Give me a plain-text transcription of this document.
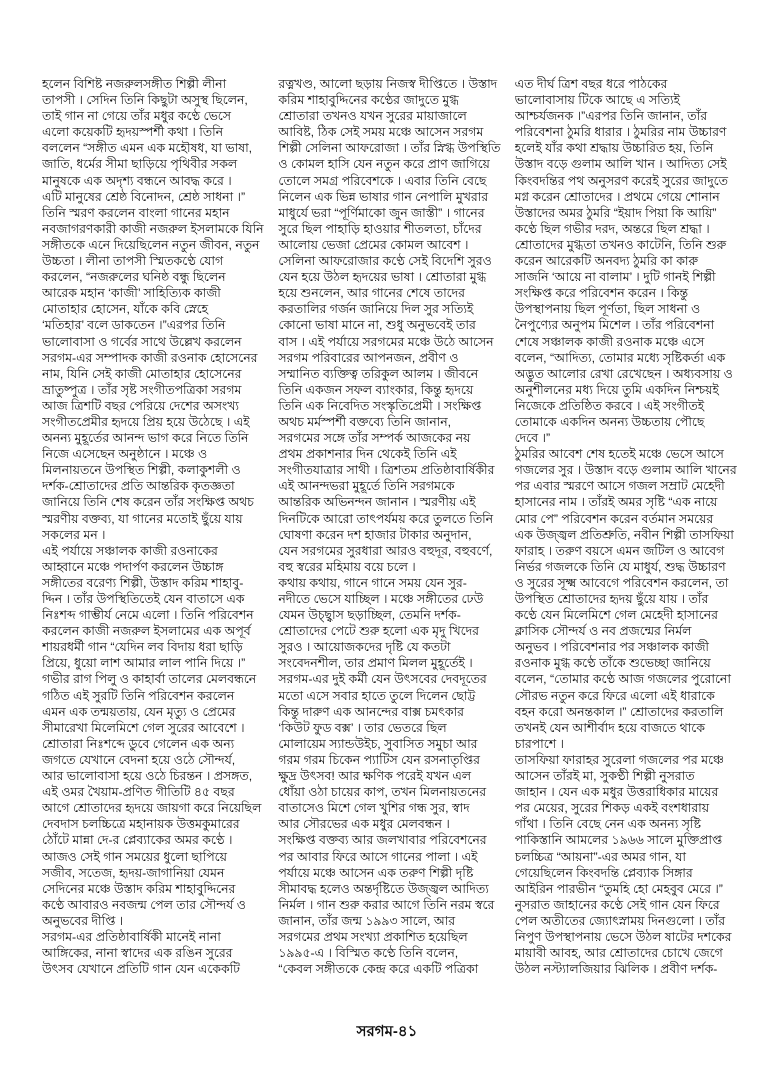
হলেন বিশিষ্ট নজরুলসঙ্গীত শিল্পী লীনা
তাপসী । সেদিন তিনি কিছুটা অসুস্থ ছিলেন,
তাই গান না গেয়ে তাঁর মধুর কণ্ঠে ভেসে
এলো কয়েকটি হৃদয়স্পর্শী কথা । তিনি
বললেন “সঙ্গীত এমন এক মহৌষধ, যা ভাষা,
জাতি, ধর্মের সীমা ছাড়িয়ে পৃথিবীর সকল
মানুষকে এক অদৃশ্য বন্ধনে আবদ্ধ করে ।
এটি মানুষের শ্রেষ্ঠ বিনোদন, শ্রেষ্ঠ সাধনা ।”
তিনি স্মরণ করলেন বাংলা গানের মহান
নবজাগরণকারী কাজী নজরুল ইসলামকে যিনি
সঙ্গীতকে এনে দিয়েছিলেন নতুন জীবন, নতুন
উচ্চতা । লীনা তাপসী স্মিতকণ্ঠে যোগ
করলেন, “নজরুলের ঘনিষ্ঠ বন্ধু ছিলেন
আরেক মহান ‘কাজী’ সাহিত্যিক কাজী
মোতাহার হোসেন, যাঁকে কবি স্নেহে
‘মতিহার’ বলে ডাকতেন ।”এরপর তিনি
ভালোবাসা ও গর্বের সাথে উল্লেখ করলেন
সরগম-এর সম্পাদক কাজী রওনাক হোসেনের
নাম, যিনি সেই কাজী মোতাহার হোসেনের
ভ্রাতুষ্পুত্র । তাঁর সৃষ্ট সংগীতপত্রিকা সরগম
আজ ত্রিশটি বছর পেরিয়ে দেশের অসংখ্য
সংগীতপ্রেমীর হৃদয়ে প্রিয় হয়ে উঠেছে । এই
অনন্য মুহূর্তের আনন্দ ভাগ করে নিতে তিনি
নিজে এসেছেন অনুষ্ঠানে । মঞ্চে ও
মিলনায়তনে উপস্থিত শিল্পী, কলাকুশলী ও
দর্শক-শ্রোতাদের প্রতি আন্তরিক কৃতজ্ঞতা
জানিয়ে তিনি শেষ করেন তাঁর সংক্ষিপ্ত অথচ
স্মরণীয় বক্তব্য, যা গানের মতোই ছুঁয়ে যায়
সকলের মন ।
এই পর্যায়ে সঞ্চালক কাজী রওনাকের
আহ্বানে মঞ্চে পদার্পণ করলেন উচ্চাঙ্গ
সঙ্গীতের বরেণ্য শিল্পী, উস্তাদ করিম শাহাবু-
দ্দিন । তাঁর উপস্থিতিতেই যেন বাতাসে এক
নিঃশব্দ গাম্ভীর্য নেমে এলো । তিনি পরিবেশন
করলেন কাজী নজরুল ইসলামের এক অপূর্ব
শায়রধর্মী গান “যেদিন লব বিদায় ধরা ছাড়ি
প্রিয়ে, ধুয়ো লাশ আমার লাল পানি দিয়ে ।”
গভীর রাগ পিলু ও কাহার্বা তালের মেলবন্ধনে
গঠিত এই সুরটি তিনি পরিবেশন করলেন
এমন এক তন্ময়তায়, যেন মৃত্যু ও প্রেমের
সীমারেখা মিলেমিশে গেল সুরের আবেশে ।
শ্রোতারা নিঃশব্দে ডুবে গেলেন এক অন্য
জগতে যেখানে বেদনা হয়ে ওঠে সৌন্দর্য,
আর ভালোবাসা হয়ে ওঠে চিরন্তন । প্রসঙ্গত,
এই ওমর খৈয়াম-প্রণিত গীতিটি ৪৫ বছর
আগে শ্রোতাদের হৃদয়ে জায়গা করে নিয়েছিল
দেবদাস চলচ্চিত্রে মহানায়ক উত্তমকুমারের
ঠোঁটে মান্না দে-র প্লেব্যাকের অমর কণ্ঠে ।
আজও সেই গান সময়ের ধুলো ছাপিয়ে
সজীব, সতেজ, হৃদয়-জাগানিয়া যেমন
সেদিনের মঞ্চে উস্তাদ করিম শাহাবুদ্দিনের
কণ্ঠে আবারও নবজন্ম পেল তার সৌন্দর্য ও
অনুভবের দীপ্তি ।
সরগম-এর প্রতিষ্ঠাবার্ষিকী মানেই নানা
আঙ্গিকের, নানা স্বাদের এক রঙিন সুরের
উৎসব যেখানে প্রতিটি গান যেন একেকটি
রত্নখণ্ড, আলো ছড়ায় নিজস্ব দীপ্তিতে । উস্তাদ
করিম শাহাবুদ্দিনের কণ্ঠের জাদুতে মুগ্ধ
শ্রোতারা তখনও যখন সুরের মায়াজালে
আবিষ্ট, ঠিক সেই সময় মঞ্চে আসেন সরগম
শিল্পী সেলিনা আফরোজা । তাঁর স্নিগ্ধ উপস্থিতি
ও কোমল হাসি যেন নতুন করে প্রাণ জাগিয়ে
তোলে সমগ্র পরিবেশকে । এবার তিনি বেছে
নিলেন এক ভিন্ন ভাষার গান নেপালি মুখরার
মাধুর্যে ভরা “পূর্ণিমাকো জুন জাস্তী” । গানের
সুরে ছিল পাহাড়ি হাওয়ার শীতলতা, চাঁদের
আলোয় ভেজা প্রেমের কোমল আবেশ ।
সেলিনা আফরোজার কণ্ঠে সেই বিদেশি সুরও
যেন হয়ে উঠল হৃদয়ের ভাষা । শ্রোতারা মুগ্ধ
হয়ে শুনলেন, আর গানের শেষে তাদের
করতালির গর্জন জানিয়ে দিল সুর সত্যিই
কোনো ভাষা মানে না, শুধু অনুভবেই তার
বাস । এই পর্যায়ে সরগমের মঞ্চে উঠে আসেন
সরগম পরিবারের আপনজন, প্রবীণ ও
সম্মানিত ব্যক্তিত্ব তরিকুল আলম । জীবনে
তিনি একজন সফল ব্যাংকার, কিন্তু হৃদয়ে
তিনি এক নিবেদিত সংস্কৃতিপ্রেমী । সংক্ষিপ্ত
অথচ মর্মস্পর্শী বক্তব্যে তিনি জানান,
সরগমের সঙ্গে তাঁর সম্পর্ক আজকের নয়
প্রথম প্রকাশনার দিন থেকেই তিনি এই
সংগীতযাত্রার সাথী । ত্রিশতম প্রতিষ্ঠাবার্ষিকীর
এই আনন্দভরা মুহূর্তে তিনি সরগমকে
আন্তরিক অভিনন্দন জানান । স্মরণীয় এই
দিনটিকে আরো তাৎপর্যময় করে তুলতে তিনি
ঘোষণা করেন দশ হাজার টাকার অনুদান,
যেন সরগমের সুরধারা আরও বহুদূর, বহুবর্ণে,
বহু স্বরের মহিমায় বয়ে চলে ।
কথায় কথায়, গানে গানে সময় যেন সুর-
নদীতে ভেসে যাচ্ছিল । মঞ্চে সঙ্গীতের ঢেউ
যেমন উচ্ছ্বাস ছড়াচ্ছিল, তেমনি দর্শক-
শ্রোতাদের পেটে শুরু হলো এক মৃদু খিদের
সুরও । আয়োজকদের দৃষ্টি যে কতটা
সংবেদনশীল, তার প্রমাণ মিলল মুহূর্তেই ।
সরগম-এর দুই কর্মী যেন উৎসবের দেবদূতের
মতো এসে সবার হাতে তুলে দিলেন ছোট্ট
কিন্তু দারুণ এক আনন্দের বাক্স চমৎকার
‘কিউট ফুড বক্স’ । তার ভেতরে ছিল
মোলায়েম স্যান্ডউইচ, সুবাসিত সমুচা আর
গরম গরম চিকেন প্যাটিস যেন রসনাতৃপ্তির
ক্ষুদ্র উৎসব! আর ক্ষণিক পরেই যখন এল
ধোঁয়া ওঠা চায়ের কাপ, তখন মিলনায়তনের
বাতাসেও মিশে গেল খুশির গন্ধ সুর, স্বাদ
আর সৌরভের এক মধুর মেলবন্ধন ।
সংক্ষিপ্ত বক্তব্য আর জলখাবার পরিবেশনের
পর আবার ফিরে আসে গানের পালা । এই
পর্যায়ে মঞ্চে আসেন এক তরুণ শিল্পী দৃষ্টি
সীমাবদ্ধ হলেও অন্তর্দৃষ্টিতে উজ্জ্বল আদিত্য
নির্মল । গান শুরু করার আগে তিনি নরম স্বরে
জানান, তাঁর জন্ম ১৯৯৩ সালে, আর
সরগমের প্রথম সংখ্যা প্রকাশিত হয়েছিল
১৯৯৫-এ । বিস্মিত কণ্ঠে তিনি বলেন,
“কেবল সঙ্গীতকে কেন্দ্র করে একটি পত্রিকা
এত দীর্ঘ ত্রিশ বছর ধরে পাঠকের
ভালোবাসায় টিকে আছে এ সত্যিই
আশ্চর্যজনক ।”এরপর তিনি জানান, তাঁর
পরিবেশনা ঠুমরি ধারার । ঠুমরির নাম উচ্চারণ
হলেই যাঁর কথা শ্রদ্ধায় উচ্চারিত হয়, তিনি
উস্তাদ বড়ে গুলাম আলি খান । আদিত্য সেই
কিংবদন্তির পথ অনুসরণ করেই সুরের জাদুতে
মগ্ন করেন শ্রোতাদের । প্রথমে গেয়ে শোনান
উস্তাদের অমর ঠুমরি “ইয়াদ পিয়া কি আয়ি”
কণ্ঠে ছিল গভীর দরদ, অন্তরে ছিল শ্রদ্ধা ।
শ্রোতাদের মুগ্ধতা তখনও কাটেনি, তিনি শুরু
করেন আরেকটি অনবদ্য ঠুমরি কা কারু
সাজনি ‘আয়ে না বালাম’ । দুটি গানই শিল্পী
সংক্ষিপ্ত করে পরিবেশন করেন । কিন্তু
উপস্থাপনায় ছিল পূর্ণতা, ছিল সাধনা ও
নৈপুণ্যের অনুপম মিশেল । তাঁর পরিবেশনা
শেষে সঞ্চালক কাজী রওনাক মঞ্চে এসে
বলেন, “আদিত্য, তোমার মধ্যে সৃষ্টিকর্তা এক
অদ্ভুত আলোর রেখা রেখেছেন । অধ্যবসায় ও
অনুশীলনের মধ্য দিয়ে তুমি একদিন নিশ্চয়ই
নিজেকে প্রতিষ্ঠিত করবে । এই সংগীতই
তোমাকে একদিন অনন্য উচ্চতায় পৌছে
দেবে ।”
ঠুমরির আবেশ শেষ হতেই মঞ্চে ভেসে আসে
গজলের সুর । উস্তাদ বড়ে গুলাম আলি খানের
পর এবার স্মরণে আসে গজল সম্রাট মেহেদী
হাসানের নাম । তাঁরই অমর সৃষ্টি “এক নায়ে
মোর পে” পরিবেশন করেন বর্তমান সময়ের
এক উজ্জ্বল প্রতিশ্রুতি, নবীন শিল্পী তাসফিয়া
ফারাহ । তরুণ বয়সে এমন জটিল ও আবেগ
নির্ভর গজলকে তিনি যে মাধুর্য, শুদ্ধ উচ্চারণ
ও সুরের সূক্ষ্ম আবেগে পরিবেশন করলেন, তা
উপস্থিত শ্রোতাদের হৃদয় ছুঁয়ে যায় । তাঁর
কণ্ঠে যেন মিলেমিশে গেল মেহেদী হাসানের
ক্লাসিক সৌন্দর্য ও নব প্রজন্মের নির্মল
অনুভব । পরিবেশনার পর সঞ্চালক কাজী
রওনাক মুগ্ধ কণ্ঠে তাঁকে শুভেচ্ছা জানিয়ে
বলেন, “তোমার কণ্ঠে আজ গজলের পুরোনো
সৌরভ নতুন করে ফিরে এলো এই ধারাকে
বহন করো অনন্তকাল ।” শ্রোতাদের করতালি
তখনই যেন আশীর্বাদ হয়ে বাজতে থাকে
চারপাশে ।
তাসফিয়া ফারাহর সুরেলা গজলের পর মঞ্চে
আসেন তাঁরই মা, সুকণ্ঠী শিল্পী নুসরাত
জাহান । যেন এক মধুর উত্তরাধিকার মায়ের
পর মেয়ের, সুরের শিকড় একই বংশধারায়
গাঁথা । তিনি বেছে নেন এক অনন্য সৃষ্টি
পাকিস্তানি আমলের ১৯৬৬ সালে মুক্তিপ্রাপ্ত
চলচ্চিত্র “আয়না”-এর অমর গান, যা
গেয়েছিলেন কিংবদন্তি প্লেব্যাক সিঙ্গার
আইরিন পারভীন “তুমহি হো মেহবুব মেরে ।”
নুসরাত জাহানের কণ্ঠে সেই গান যেন ফিরে
পেল অতীতের জ্যোৎস্নাময় দিনগুলো । তাঁর
নিপুণ উপস্থাপনায় ভেসে উঠল ষাটের দশকের
মায়াবী আবহ, আর শ্রোতাদের চোখে জেগে
উঠল নস্ট্যালজিয়ার ঝিলিক । প্রবীণ দর্শক-
সরগম-৪১
